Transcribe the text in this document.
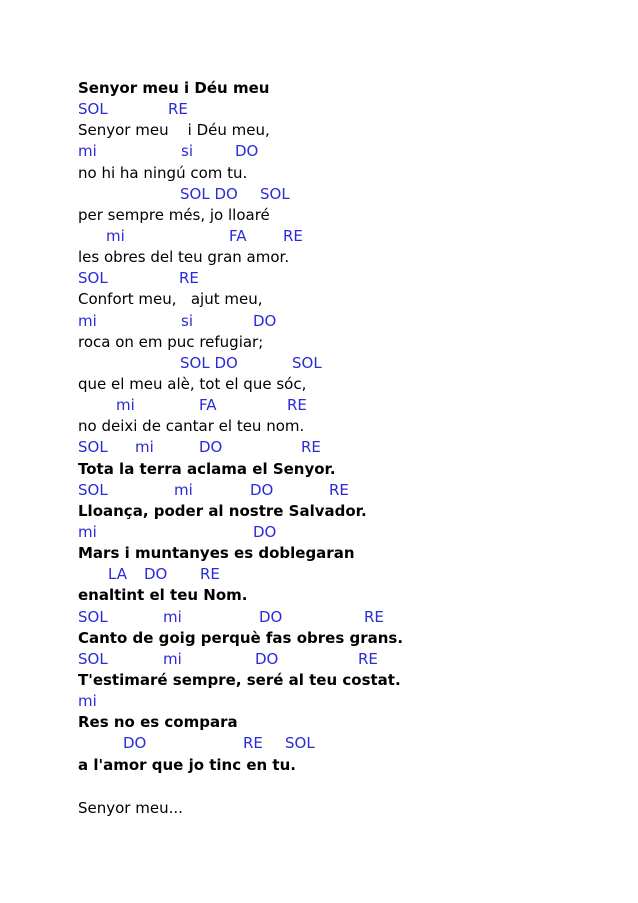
Senyor meu i Déu meu
SOL	RE
Senyor meu    i Déu meu,
mi	si	DO
no hi ha ningú com tu.
SOL DO SOL
per sempre més, jo lloaré
mi	FA RE
les obres del teu gran amor.
SOL	RE
Confort meu,   ajut meu,
mi	si	DO
roca on em puc refugiar;
SOL DO	SOL
que el meu alè, tot el que sóc,
mi	FA	RE
no deixi de cantar el teu nom.
SOL mi	DO	RE
Tota la terra aclama el Senyor.
SOL	mi	DO	RE
Lloança, poder al nostre Salvador.
mi	DO
Mars i muntanyes es doblegaran
LA DO RE
enaltint el teu Nom.
SOL	mi	DO	RE
Canto de goig perquè fas obres grans.
SOL	mi	DO	RE
T'estimaré sempre, seré al teu costat.
mi
Res no es compara
DO	RE SOL
a l'amor que jo tinc en tu.
Senyor meu...
